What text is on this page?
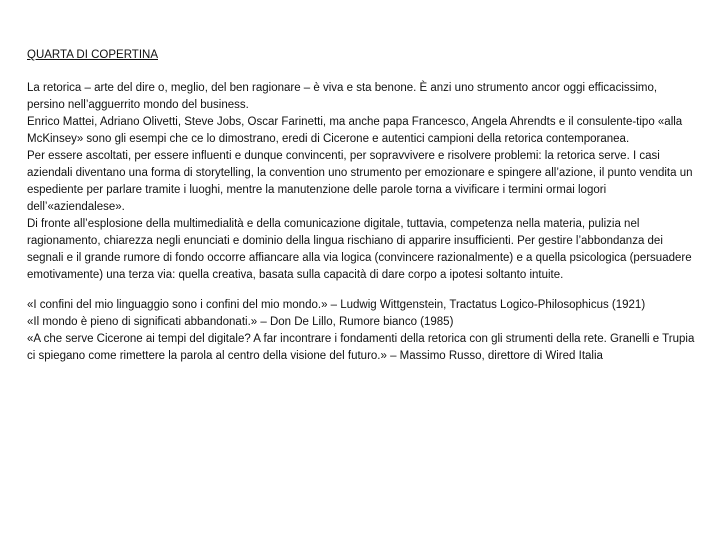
QUARTA DI COPERTINA

La retorica – arte del dire o, meglio, del ben ragionare – è viva e sta benone. È anzi uno strumento ancor oggi efficacissimo, persino nell’agguerrito mondo del business.

Enrico Mattei, Adriano Olivetti, Steve Jobs, Oscar Farinetti, ma anche papa Francesco, Angela Ahrendts e il consulente-tipo «alla McKinsey» sono gli esempi che ce lo dimostrano, eredi di Cicerone e autentici campioni della retorica contemporanea.

Per essere ascoltati, per essere influenti e dunque convincenti, per sopravvivere e risolvere problemi: la retorica serve. I casi aziendali diventano una forma di storytelling, la convention uno strumento per emozionare e spingere all’azione, il punto vendita un espediente per parlare tramite i luoghi, mentre la manutenzione delle parole torna a vivificare i termini ormai logori dell’«aziendalese».

Di fronte all’esplosione della multimedialità e della comunicazione digitale, tuttavia, competenza nella materia, pulizia nel ragionamento, chiarezza negli enunciati e dominio della lingua rischiano di apparire insufficienti. Per gestire l’abbondanza dei segnali e il grande rumore di fondo occorre affiancare alla via logica (convincere razionalmente) e a quella psicologica (persuadere emotivamente) una terza via: quella creativa, basata sulla capacità di dare corpo a ipotesi soltanto intuite.

«I confini del mio linguaggio sono i confini del mio mondo.» – Ludwig Wittgenstein, Tractatus Logico-Philosophicus (1921)

«Il mondo è pieno di significati abbandonati.» – Don De Lillo, Rumore bianco (1985)

«A che serve Cicerone ai tempi del digitale? A far incontrare i fondamenti della retorica con gli strumenti della rete. Granelli e Trupia ci spiegano come rimettere la parola al centro della visione del futuro.» – Massimo Russo, direttore di Wired Italia
